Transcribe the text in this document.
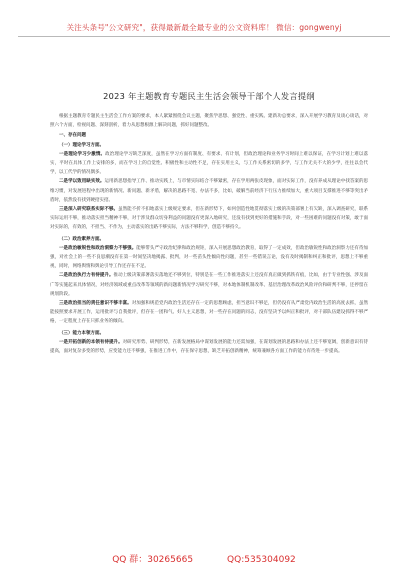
关注头条号"公文研究"，获得最新最全最专业的公文资料库！ 微信：gongwenyj
2023 年主题教育专题民主生活会领导干部个人发言提纲

根据主题教育专题民主生活会工作方案的要求，本人紧紧围绕会议主题，聚焦学思想、强党性、重实践、建新功总要求，深入开展学习教育及谈心谈话，对照六个方面，检视问题、深刻剖析，着力从思想根源上解决问题，抓好问题整改。

一、存在问题

（一）理论学习方面。

一是理论学习少激情。政治理论学习缺乏深度，虽然在学习方面有制度、有要求、有计划，但政治理论和业务学习时间上难以保证，在学习计划上难以落实，平时在具体工作上安排的多，而在学习上的自觉性、积极性和主动性不足，存在实用主义，与工作关系密切的多学，与工作无关不大的少学，往往以会代学，以工代学的情况偶多。

二是学以致用缺实效。运用新思想指导工作、推动实践上，与市情实际结合不够紧密，存在学用两张皮现象，面对实际工作，没有养成从理论中找答案的思维习惯，对发展进程中出现的新情况、新问题、新矛盾，解决的思路不宽、办法不多，比如，破解当前经济下行压力推续加大，重大项目支撑推进不够等突出矛盾时，依然没有找到硬招实招。

三是深入研究联系实际不够。虽然能不折不扣地落实上级规定要求，但在新形势下，如何创造性地贯彻落实上级的决策部署上有欠缺，深入调查研究，联系实际运用不够，推动落实担当精神不够，对于涉及群众切身利益的问题没有更深入地研究，还没有找到更好的措施和手段，对一些困难的问题没有对策，敢于面对实际的，有效的，不担当、不作为，主动落实的出路不够实际，方法不够科学，创造不够持久。

（二）政治素养方面。

一是政治敏锐性和政治洞察力不够强。能够带头严守政治纪律和政治规矩，深入开展思想政治教育，取得了一定成效，但政治敏锐性和政治洞察力还有待加强，对社会上的一些不良思潮没有在第一时间坚决地揭露、批判，对一些苗头性倾向性问题，甚至一些错误言论，没有及时揭制和纠正和批评，思想上不够重视，同时，网络舆情和舆论引导工作还存在不足。

二是政治执行力有待提升。推动上级决策部署落实落地还不够到位，特别是在一些工作推进落实上还没有真正做到抓铁有痕，比如，由于专业性强、涉及面广等实施起来具体情况，对经济领域或重点改革等领域的新问题新情况学习研究不够，对本地体制机制改革、基层治理改革政治风险评价和研判不够，还停留在规划阶段。

三是政治担当的责任意识不够丰富。对加强和规范党内政治生活还存在一定的思想顾虑，担当意识不够足，但仍没有从严肃党内政治生活的高度去抓，虽然能按照要求开展工作，运用批评与自我批评，但存在一团和气、好人主义思想，对一些存在问题的同志，没有坚决予以纠正和批评，对干部队伍建设抓得不够严格，一定程度上存在只抓业务的倾向。

（三）能力本领方面。

一是开拓创新的本领有待提升。对研究形势、研判形势，在新发展格局中谋划发展的能力还需加强，在谋划发展的思路和办法上还不够宽阔，创新意识有待提高，面对复杂多变的形势，应变能力还不够强，在推进工作中，存在保守思想，缺乏开拓创新精神，统筹兼顾各方面工作的能力有待进一步提高。

QQ 群：30265665	QQ:535304092
